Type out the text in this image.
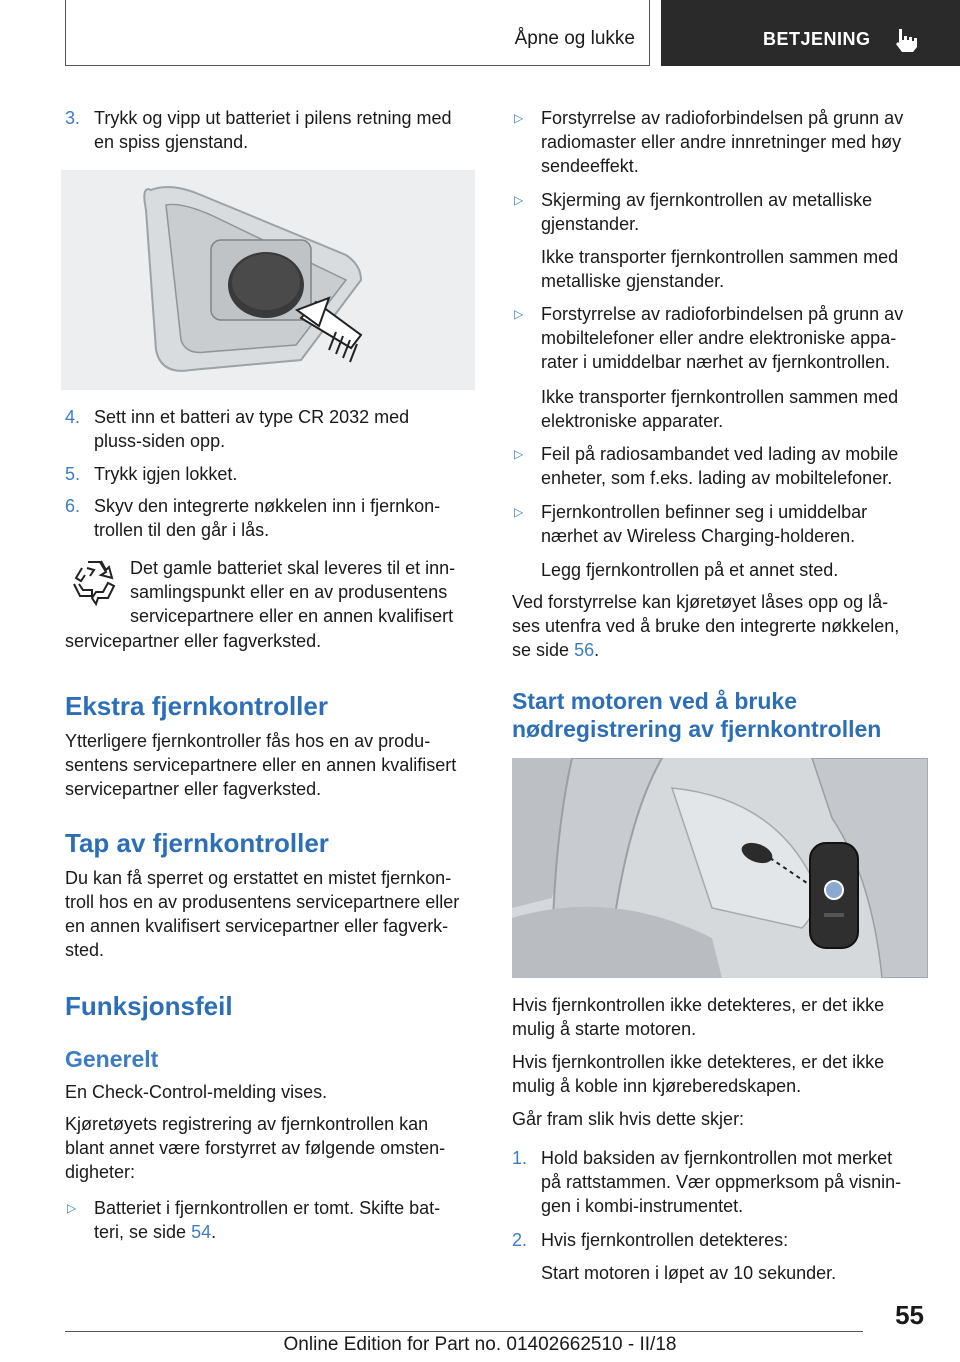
Åpne og lukke	BETJENING
3. Trykk og vipp ut batteriet i pilens retning med
en spiss gjenstand.
4. Sett inn et batteri av type CR 2032 med
pluss-siden opp.
5. Trykk igjen lokket.
6. Skyv den integrerte nøkkelen inn i fjernkon-
trollen til den går i lås.
Det gamle batteriet skal leveres til et inn-
samlingspunkt eller en av produsentens
servicepartnere eller en annen kvalifisert
servicepartner eller fagverksted.
Ekstra fjernkontroller
Ytterligere fjernkontroller fås hos en av produ-
sentens servicepartnere eller en annen kvalifisert
servicepartner eller fagverksted.
Tap av fjernkontroller
Du kan få sperret og erstattet en mistet fjernkon-
troll hos en av produsentens servicepartnere eller
en annen kvalifisert servicepartner eller fagverk-
sted.
Funksjonsfeil
Generelt
En Check-Control-melding vises.
Kjøretøyets registrering av fjernkontrollen kan
blant annet være forstyrret av følgende omsten-
digheter:
▷ Batteriet i fjernkontrollen er tomt. Skifte bat-
teri, se side 54.
▷ Forstyrrelse av radioforbindelsen på grunn av
radiomaster eller andre innretninger med høy
sendeeffekt.
▷ Skjerming av fjernkontrollen av metalliske
gjenstander.
Ikke transporter fjernkontrollen sammen med
metalliske gjenstander.
▷ Forstyrrelse av radioforbindelsen på grunn av
mobiltelefoner eller andre elektroniske appa-
rater i umiddelbar nærhet av fjernkontrollen.
Ikke transporter fjernkontrollen sammen med
elektroniske apparater.
▷ Feil på radiosambandet ved lading av mobile
enheter, som f.eks. lading av mobiltelefoner.
▷ Fjernkontrollen befinner seg i umiddelbar
nærhet av Wireless Charging-holderen.
Legg fjernkontrollen på et annet sted.
Ved forstyrrelse kan kjøretøyet låses opp og lå-
ses utenfra ved å bruke den integrerte nøkkelen,
se side 56.
Start motoren ved å bruke
nødregistrering av fjernkontrollen
Hvis fjernkontrollen ikke detekteres, er det ikke
mulig å starte motoren.
Hvis fjernkontrollen ikke detekteres, er det ikke
mulig å koble inn kjøreberedskapen.
Går fram slik hvis dette skjer:
1. Hold baksiden av fjernkontrollen mot merket
på rattstammen. Vær oppmerksom på visnin-
gen i kombi-instrumentet.
2. Hvis fjernkontrollen detekteres:
Start motoren i løpet av 10 sekunder.
55
Online Edition for Part no. 01402662510 - II/18
